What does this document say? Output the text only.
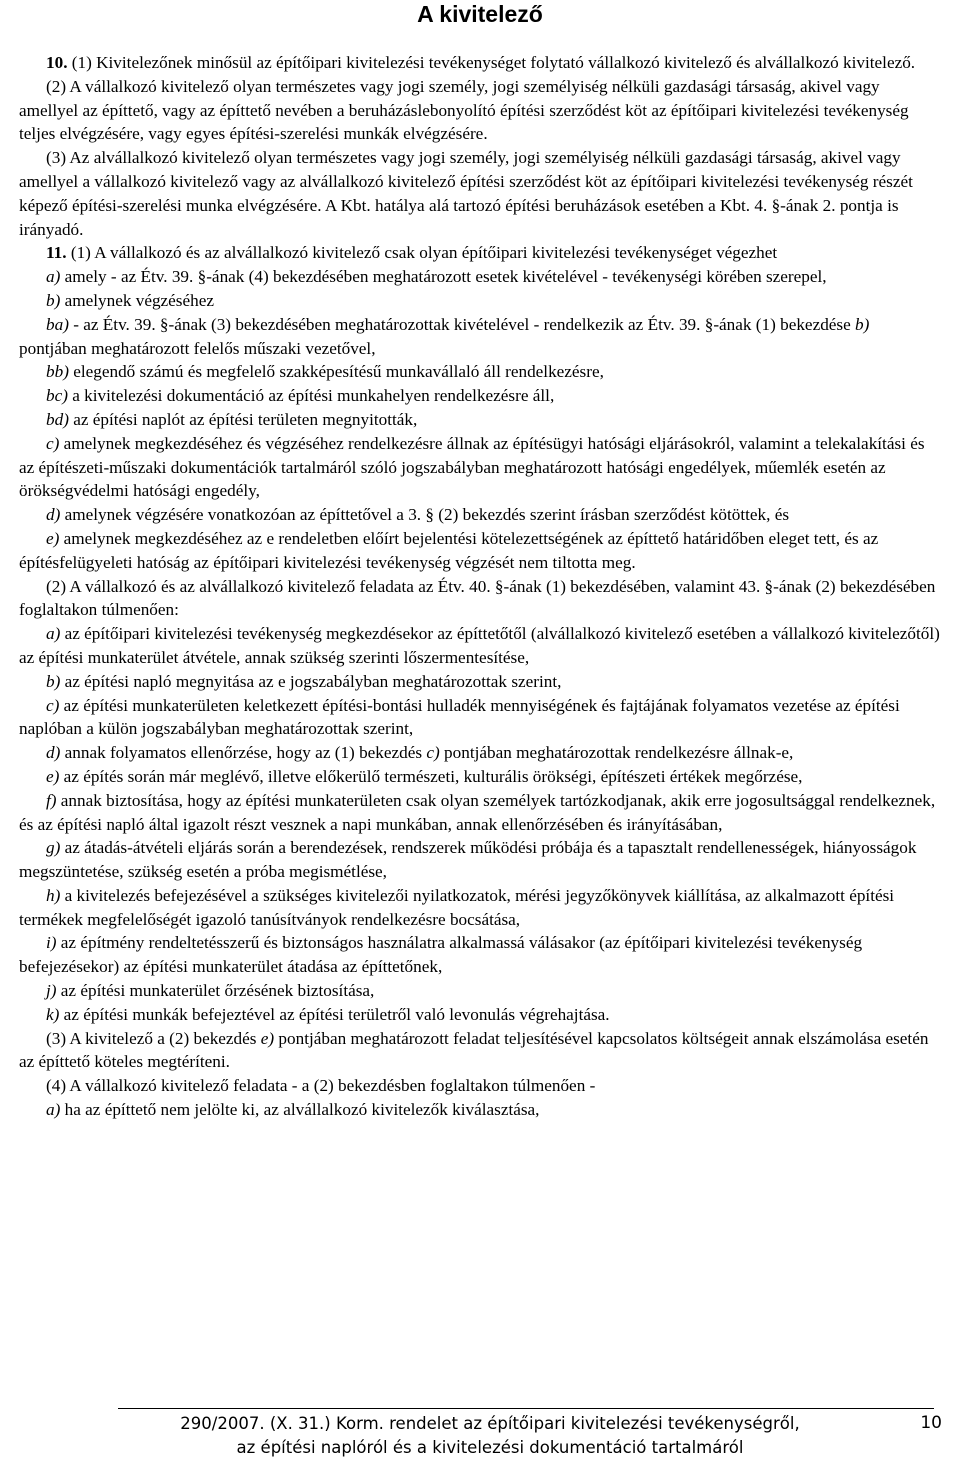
A kivitelező

10. (1) Kivitelezőnek minősül az építőipari kivitelezési tevékenységet folytató vállalkozó kivitelező és alvállalkozó kivitelező.

(2) A vállalkozó kivitelező olyan természetes vagy jogi személy, jogi személyiség nélküli gazdasági társaság, akivel vagy amellyel az építtető, vagy az építtető nevében a beruházáslebonyolító építési szerződést köt az építőipari kivitelezési tevékenység teljes elvégzésére, vagy egyes építési-szerelési munkák elvégzésére.

(3) Az alvállalkozó kivitelező olyan természetes vagy jogi személy, jogi személyiség nélküli gazdasági társaság, akivel vagy amellyel a vállalkozó kivitelező vagy az alvállalkozó kivitelező építési szerződést köt az építőipari kivitelezési tevékenység részét képező építési-szerelési munka elvégzésére. A Kbt. hatálya alá tartozó építési beruházások esetében a Kbt. 4. §-ának 2. pontja is irányadó.

11. (1) A vállalkozó és az alvállalkozó kivitelező csak olyan építőipari kivitelezési tevékenységet végezhet

a) amely - az Étv. 39. §-ának (4) bekezdésében meghatározott esetek kivételével - tevékenységi körében szerepel,

b) amelynek végzéséhez

ba) - az Étv. 39. §-ának (3) bekezdésében meghatározottak kivételével - rendelkezik az Étv. 39. §-ának (1) bekezdése b) pontjában meghatározott felelős műszaki vezetővel,

bb) elegendő számú és megfelelő szakképesítésű munkavállaló áll rendelkezésre,

bc) a kivitelezési dokumentáció az építési munkahelyen rendelkezésre áll,

bd) az építési naplót az építési területen megnyitották,

c) amelynek megkezdéséhez és végzéséhez rendelkezésre állnak az építésügyi hatósági eljárásokról, valamint a telekalakítási és az építészeti-műszaki dokumentációk tartalmáról szóló jogszabályban meghatározott hatósági engedélyek, műemlék esetén az örökségvédelmi hatósági engedély,

d) amelynek végzésére vonatkozóan az építtetővel a 3. § (2) bekezdés szerint írásban szerződést kötöttek, és

e) amelynek megkezdéséhez az e rendeletben előírt bejelentési kötelezettségének az építtető határidőben eleget tett, és az építésfelügyeleti hatóság az építőipari kivitelezési tevékenység végzését nem tiltotta meg.

(2) A vállalkozó és az alvállalkozó kivitelező feladata az Étv. 40. §-ának (1) bekezdésében, valamint 43. §-ának (2) bekezdésében foglaltakon túlmenően:

a) az építőipari kivitelezési tevékenység megkezdésekor az építtetőtől (alvállalkozó kivitelező esetében a vállalkozó kivitelezőtől) az építési munkaterület átvétele, annak szükség szerinti lőszermentesítése,

b) az építési napló megnyitása az e jogszabályban meghatározottak szerint,

c) az építési munkaterületen keletkezett építési-bontási hulladék mennyiségének és fajtájának folyamatos vezetése az építési naplóban a külön jogszabályban meghatározottak szerint,

d) annak folyamatos ellenőrzése, hogy az (1) bekezdés c) pontjában meghatározottak rendelkezésre állnak-e,

e) az építés során már meglévő, illetve előkerülő természeti, kulturális örökségi, építészeti értékek megőrzése,

f) annak biztosítása, hogy az építési munkaterületen csak olyan személyek tartózkodjanak, akik erre jogosultsággal rendelkeznek, és az építési napló által igazolt részt vesznek a napi munkában, annak ellenőrzésében és irányításában,

g) az átadás-átvételi eljárás során a berendezések, rendszerek működési próbája és a tapasztalt rendellenességek, hiányosságok megszüntetése, szükség esetén a próba megismétlése,

h) a kivitelezés befejezésével a szükséges kivitelezői nyilatkozatok, mérési jegyzőkönyvek kiállítása, az alkalmazott építési termékek megfelelőségét igazoló tanúsítványok rendelkezésre bocsátása,

i) az építmény rendeltetésszerű és biztonságos használatra alkalmassá válásakor (az építőipari kivitelezési tevékenység befejezésekor) az építési munkaterület átadása az építtetőnek,

j) az építési munkaterület őrzésének biztosítása,

k) az építési munkák befejeztével az építési területről való levonulás végrehajtása.

(3) A kivitelező a (2) bekezdés e) pontjában meghatározott feladat teljesítésével kapcsolatos költségeit annak elszámolása esetén az építtető köteles megtéríteni.

(4) A vállalkozó kivitelező feladata - a (2) bekezdésben foglaltakon túlmenően -

a) ha az építtető nem jelölte ki, az alvállalkozó kivitelezők kiválasztása,

290/2007. (X. 31.) Korm. rendelet az építőipari kivitelezési tevékenységről,
az építési naplóról és a kivitelezési dokumentáció tartalmáról
10
